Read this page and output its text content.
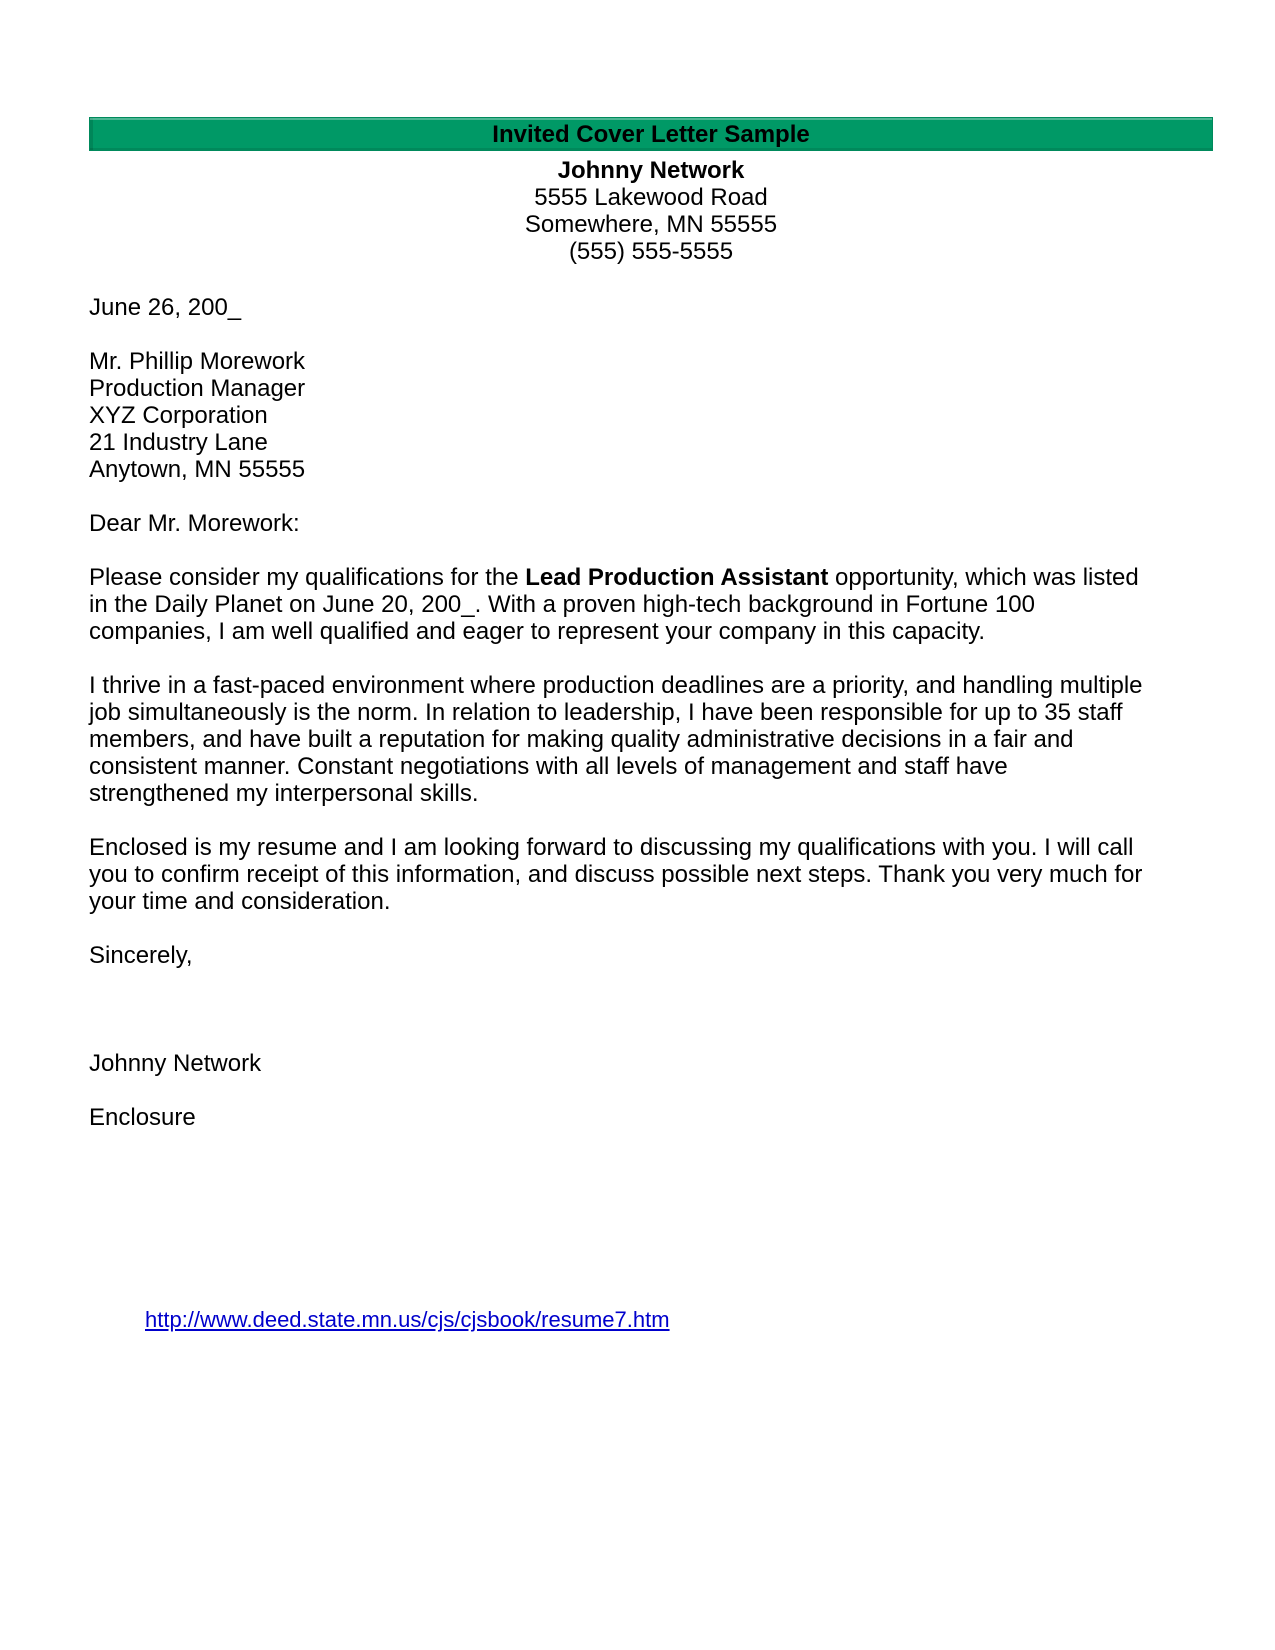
Invited Cover Letter Sample
Johnny Network
5555 Lakewood Road
Somewhere, MN 55555
(555) 555-5555
June 26, 200_
Mr. Phillip Morework
Production Manager
XYZ Corporation
21 Industry Lane
Anytown, MN 55555
Dear Mr. Morework:
Please consider my qualifications for the Lead Production Assistant opportunity, which was listed
in the Daily Planet on June 20, 200_. With a proven high-tech background in Fortune 100
companies, I am well qualified and eager to represent your company in this capacity.
I thrive in a fast-paced environment where production deadlines are a priority, and handling multiple
job simultaneously is the norm. In relation to leadership, I have been responsible for up to 35 staff
members, and have built a reputation for making quality administrative decisions in a fair and
consistent manner. Constant negotiations with all levels of management and staff have
strengthened my interpersonal skills.
Enclosed is my resume and I am looking forward to discussing my qualifications with you. I will call
you to confirm receipt of this information, and discuss possible next steps. Thank you very much for
your time and consideration.
Sincerely,
Johnny Network
Enclosure
http://www.deed.state.mn.us/cjs/cjsbook/resume7.htm
